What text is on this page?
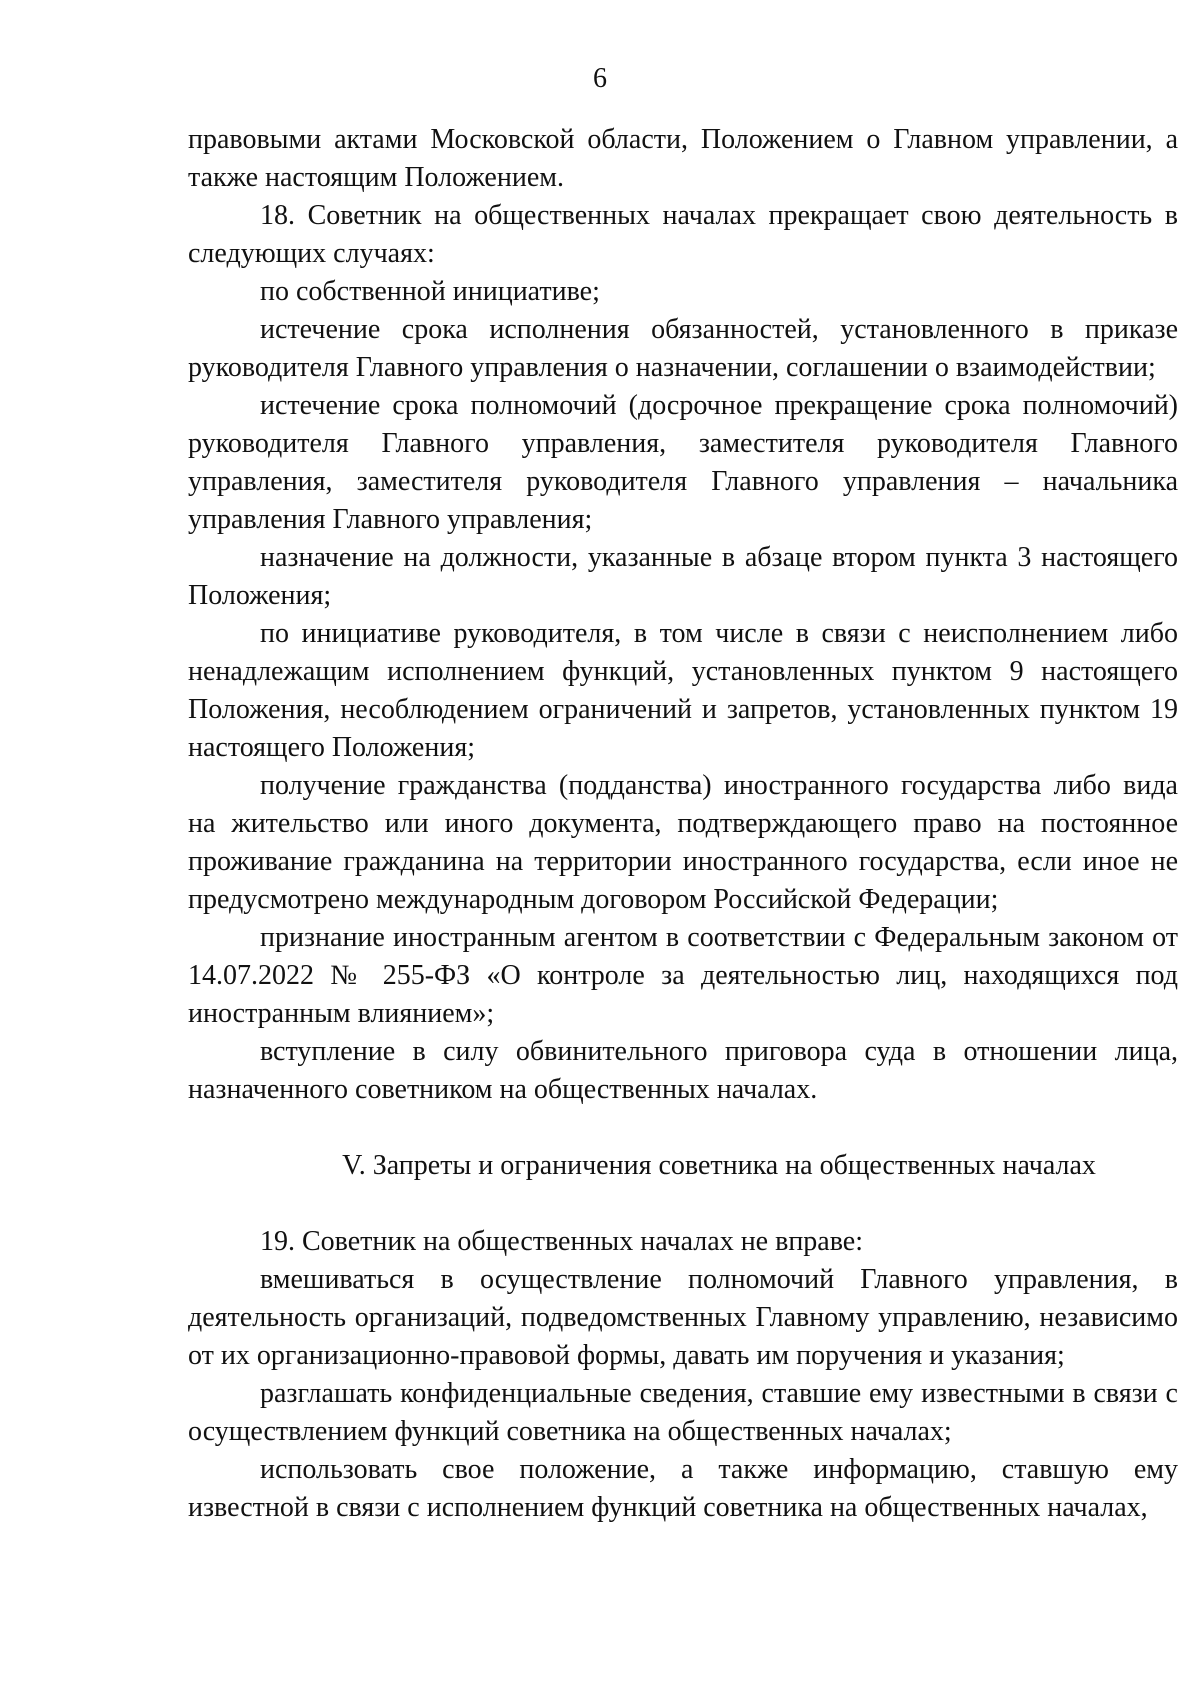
6

правовыми актами Московской области, Положением о Главном управлении, а также настоящим Положением.

18. Советник на общественных началах прекращает свою деятельность в следующих случаях:

по собственной инициативе;

истечение срока исполнения обязанностей, установленного в приказе руководителя Главного управления о назначении, соглашении о взаимодействии;

истечение срока полномочий (досрочное прекращение срока полномочий) руководителя Главного управления, заместителя руководителя Главного управления, заместителя руководителя Главного управления – начальника управления Главного управления;

назначение на должности, указанные в абзаце втором пункта 3 настоящего Положения;

по инициативе руководителя, в том числе в связи с неисполнением либо ненадлежащим исполнением функций, установленных пунктом 9 настоящего Положения, несоблюдением ограничений и запретов, установленных пунктом 19 настоящего Положения;

получение гражданства (подданства) иностранного государства либо вида на жительство или иного документа, подтверждающего право на постоянное проживание гражданина на территории иностранного государства, если иное не предусмотрено международным договором Российской Федерации;

признание иностранным агентом в соответствии с Федеральным законом от 14.07.2022 № 255-ФЗ «О контроле за деятельностью лиц, находящихся под иностранным влиянием»;

вступление в силу обвинительного приговора суда в отношении лица, назначенного советником на общественных началах.

V. Запреты и ограничения советника на общественных началах

19. Советник на общественных началах не вправе:

вмешиваться в осуществление полномочий Главного управления, в деятельность организаций, подведомственных Главному управлению, независимо от их организационно-правовой формы, давать им поручения и указания;

разглашать конфиденциальные сведения, ставшие ему известными в связи с осуществлением функций советника на общественных началах;

использовать свое положение, а также информацию, ставшую ему известной в связи с исполнением функций советника на общественных началах,
